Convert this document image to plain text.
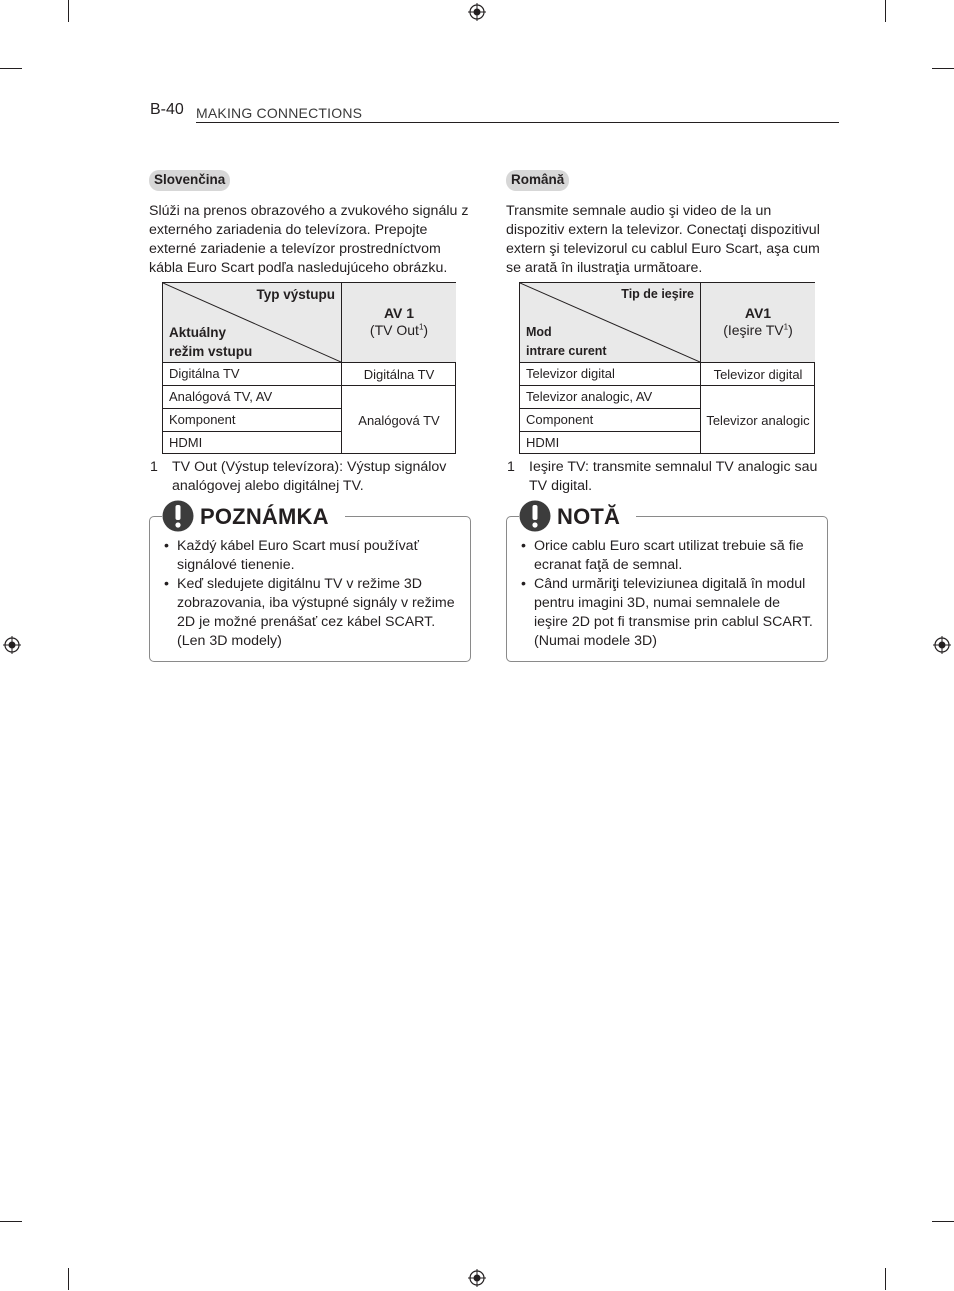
B-40 MAKING CONNECTIONS
Slovenčina
Slúži na prenos obrazového a zvukového signálu z externého zariadenia do televízora. Prepojte externé zariadenie a televízor prostredníctvom kábla Euro Scart podľa nasledujúceho obrázku.
Typ výstupu
Aktuálny
režim vstupu
AV 1
(TV Out$^1$)
Digitálna TV
Analógová TV, AV
Komponent
HDMI
Digitálna TV
Analógová TV
1 TV Out (Výstup televízora): Výstup signálov analógovej alebo digitálnej TV.
POZNÁMKA
• Každý kábel Euro Scart musí používať signálové tienenie.
• Keď sledujete digitálnu TV v režime 3D zobrazovania, iba výstupné signály v režime 2D je možné prenášať cez kábel SCART. (Len 3D modely)
Română
Transmite semnale audio şi video de la un dispozitiv extern la televizor. Conectaţi dispozitivul extern şi televizorul cu cablul Euro Scart, aşa cum se arată în ilustraţia următoare.
Tip de ieşire
Mod
intrare curent
AV1
(Ieşire $TV^1$)
Televizor digital
Televizor analogic, AV
Component
HDMI
Televizor digital
Televizor analogic
1 Ieşire TV: transmite semnalul TV analogic sau TV digital.
NOTĂ
• Orice cablu Euro scart utilizat trebuie să fie ecranat faţă de semnal.
• Când urmăriţi televiziunea digitală în modul pentru imagini 3D, numai semnalele de ieşire 2D pot fi transmise prin cablul SCART. (Numai modele 3D)
